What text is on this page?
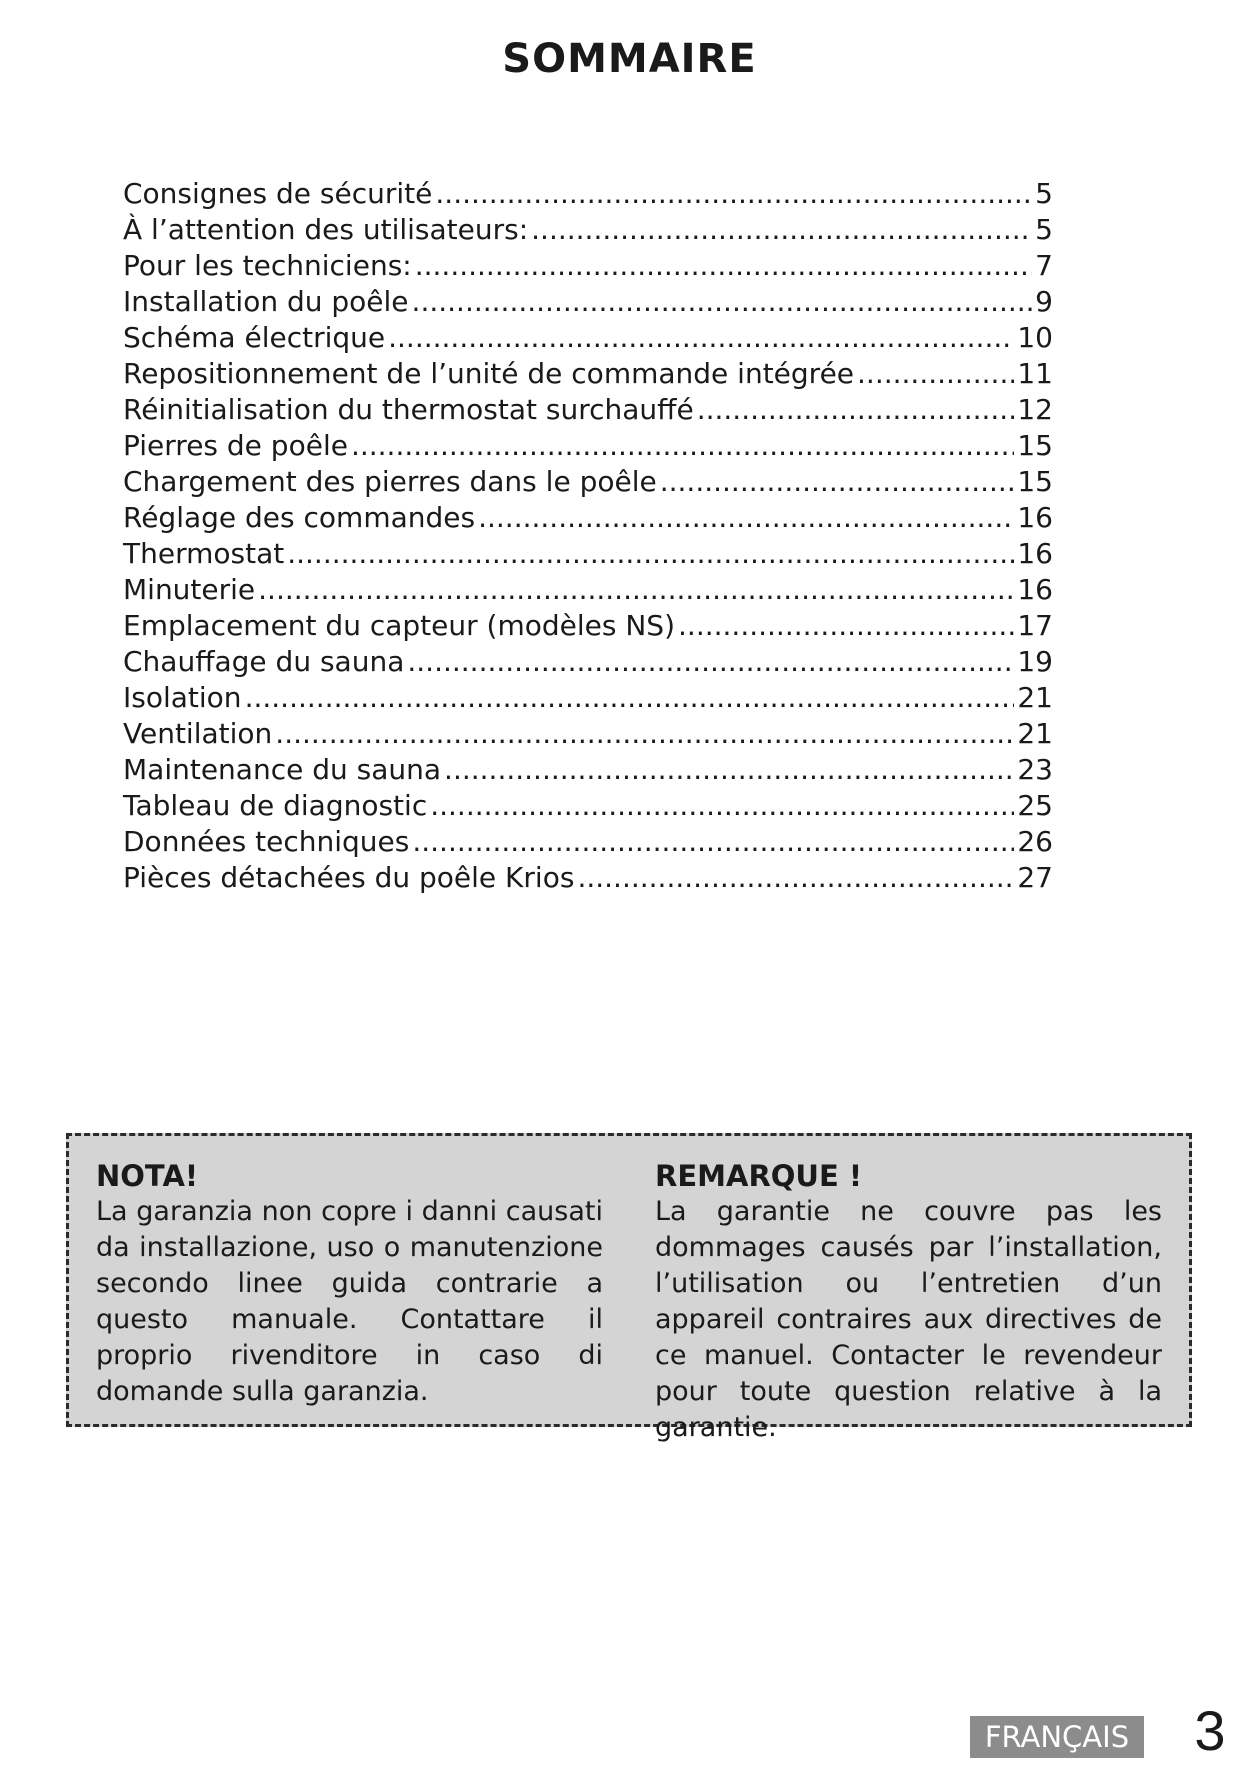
SOMMAIRE
Consignes de sécurité .....	5
À l’attention des utilisateurs: .....	5
Pour les techniciens: .....	7
Installation du poêle .....	9
Schéma électrique .....	10
Repositionnement de l’unité de commande intégrée .....	11
Réinitialisation du thermostat surchauffé .....	12
Pierres de poêle .....	15
Chargement des pierres dans le poêle .....	15
Réglage des commandes .....	16
Thermostat .....	16
Minuterie .....	16
Emplacement du capteur (modèles NS) .....	17
Chauffage du sauna .....	19
Isolation .....	21
Ventilation .....	21
Maintenance du sauna .....	23
Tableau de diagnostic .....	25
Données techniques .....	26
Pièces détachées du poêle Krios .....	27
NOTA!

La garanzia non copre i danni causati da installazione, uso o manutenzione secondo linee guida contrarie a questo manuale. Contattare il proprio rivenditore in caso di domande sulla garanzia.

REMARQUE !

La garantie ne couvre pas les dommages causés par l’installation, l’utilisation ou l’entretien d’un appareil contraires aux directives de ce manuel. Contacter le revendeur pour toute question relative à la garantie.

FRANÇAIS 3
